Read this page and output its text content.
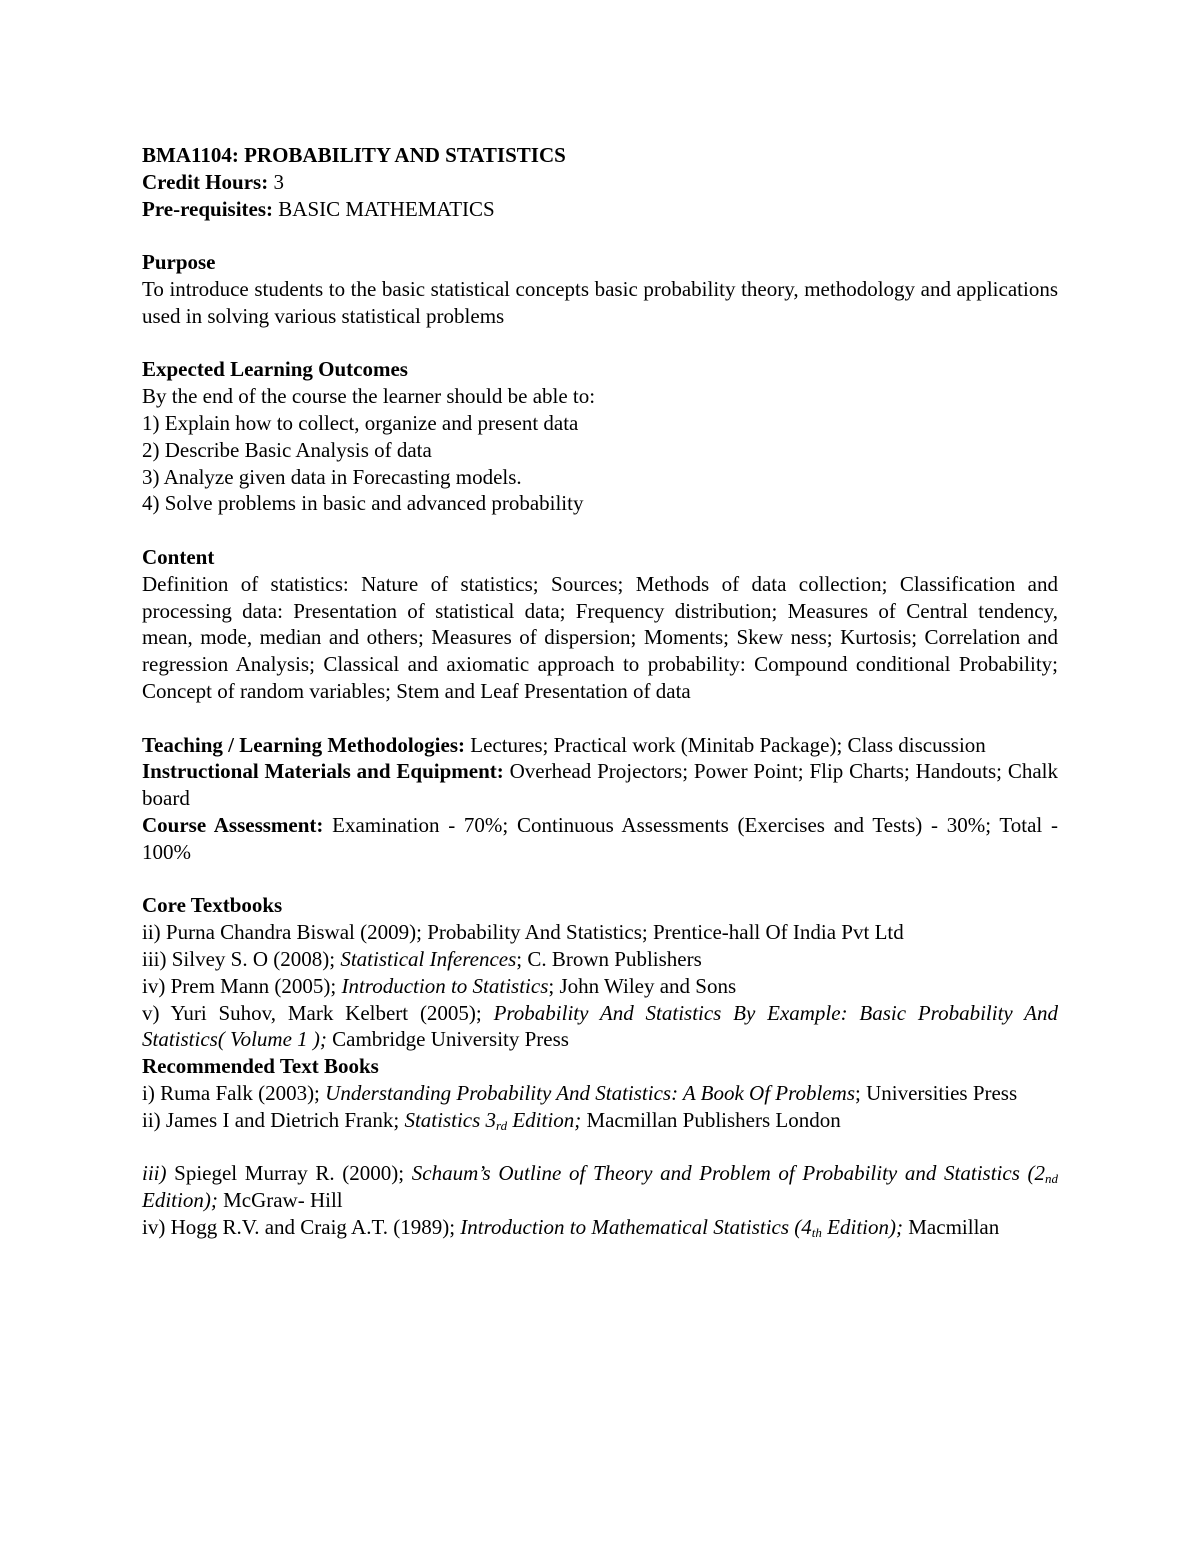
BMA1104: PROBABILITY AND STATISTICS

Credit Hours: 3

Pre-requisites: BASIC MATHEMATICS

Purpose

To introduce students to the basic statistical concepts basic probability theory, methodology and applications used in solving various statistical problems

Expected Learning Outcomes

By the end of the course the learner should be able to:

1) Explain how to collect, organize and present data

2) Describe Basic Analysis of data

3) Analyze given data in Forecasting models.

4) Solve problems in basic and advanced probability

Content

Definition of statistics: Nature of statistics; Sources; Methods of data collection; Classification and processing data: Presentation of statistical data; Frequency distribution; Measures of Central tendency, mean, mode, median and others; Measures of dispersion; Moments; Skew ness; Kurtosis; Correlation and regression Analysis; Classical and axiomatic approach to probability: Compound conditional Probability; Concept of random variables; Stem and Leaf Presentation of data

Teaching / Learning Methodologies: Lectures; Practical work (Minitab Package); Class discussion

Instructional Materials and Equipment: Overhead Projectors; Power Point; Flip Charts; Handouts; Chalk board

Course Assessment: Examination - 70%; Continuous Assessments (Exercises and Tests) - 30%; Total - 100%

Core Textbooks

ii) Purna Chandra Biswal (2009); Probability And Statistics; Prentice-hall Of India Pvt Ltd

iii) Silvey S. O (2008); Statistical Inferences; C. Brown Publishers

iv) Prem Mann (2005); Introduction to Statistics; John Wiley and Sons

v) Yuri Suhov, Mark Kelbert (2005); Probability And Statistics By Example: Basic Probability And Statistics( Volume 1 ); Cambridge University Press

Recommended Text Books

i) Ruma Falk (2003); Understanding Probability And Statistics: A Book Of Problems; Universities Press

ii) James I and Dietrich Frank; Statistics $3_{rd}$ Edition; Macmillan Publishers London

iii) Spiegel Murray R. (2000); Schaum’s Outline of Theory and Problem of Probability and Statistics ($2_{nd}$ Edition); McGraw- Hill

iv) Hogg R.V. and Craig A.T. (1989); Introduction to Mathematical Statistics ($4_{th}$ Edition); Macmillan
